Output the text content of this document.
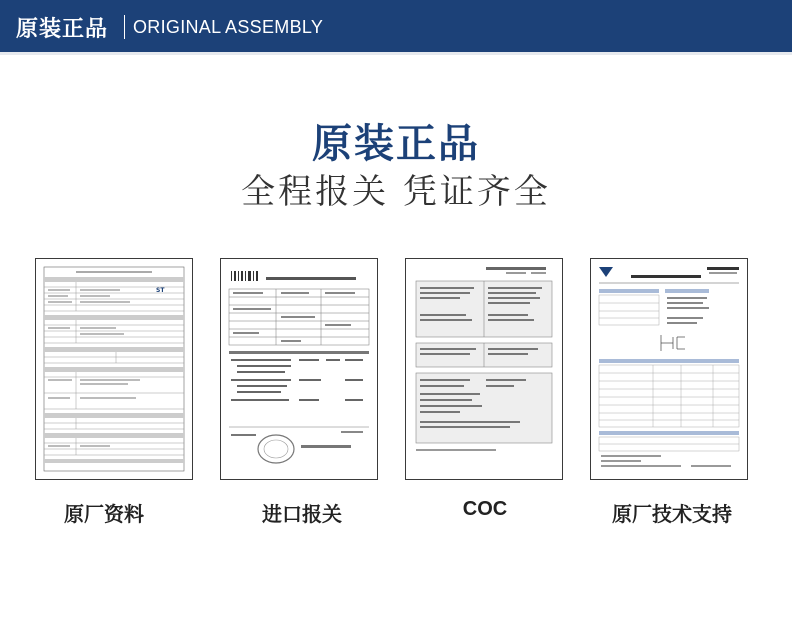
原装正品 ORIGINAL ASSEMBLY
原装正品
全程报关 凭证齐全
ST
原厂资料	进口报关	COC	原厂技术支持
